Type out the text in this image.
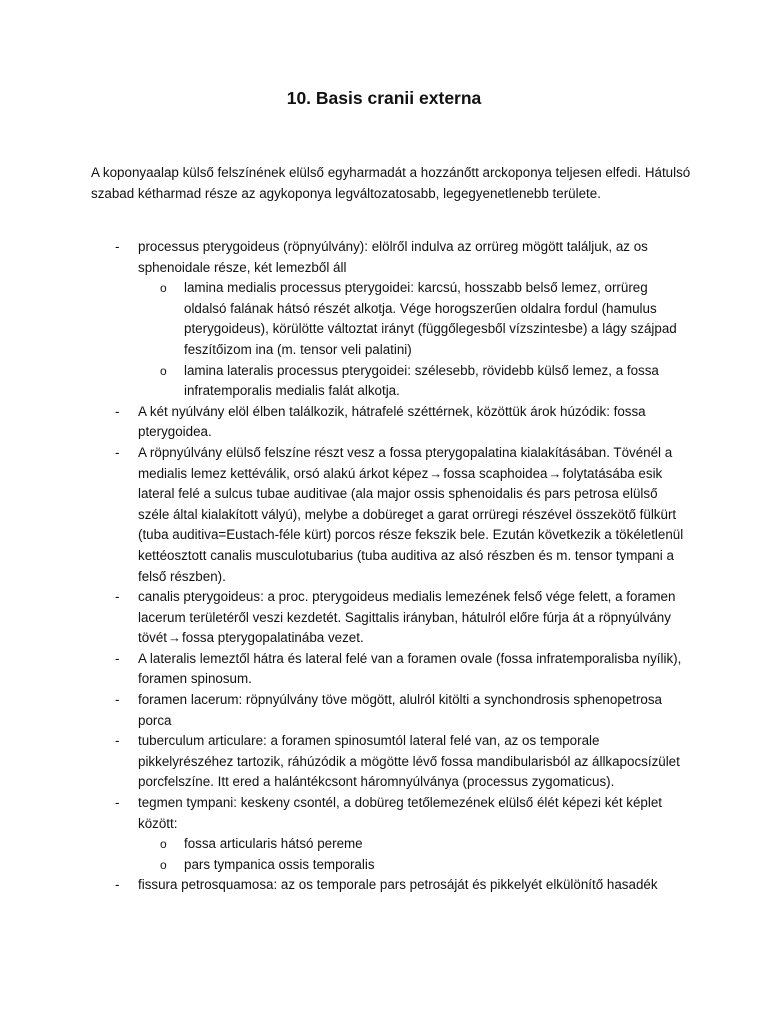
10. Basis cranii externa

A koponyaalap külső felszínének elülső egyharmadát a hozzánőtt arckoponya teljesen elfedi. Hátulsó szabad kétharmad része az agykoponya legváltozatosabb, legegyenetlenebb területe.

- processus pterygoideus (röpnyúlvány): elölről indulva az orrüreg mögött találjuk, az os sphenoidale része, két lemezből áll
o lamina medialis processus pterygoidei: karcsú, hosszabb belső lemez, orrüreg oldalsó falának hátsó részét alkotja. Vége horogszerűen oldalra fordul (hamulus pterygoideus), körülötte változtat irányt (függőlegesből vízszintesbe) a lágy szájpad feszítőizom ina (m. tensor veli palatini)
o lamina lateralis processus pterygoidei: szélesebb, rövidebb külső lemez, a fossa infratemporalis medialis falát alkotja.
- A két nyúlvány elöl élben találkozik, hátrafelé széttérnek, közöttük árok húzódik: fossa pterygoidea.
- A röpnyúlvány elülső felszíne részt vesz a fossa pterygopalatina kialakításában. Tövénél a medialis lemez kettéválik, orsó alakú árkot képez→fossa scaphoidea→folytatásába esik lateral felé a sulcus tubae auditivae (ala major ossis sphenoidalis és pars petrosa elülső széle által kialakított vályú), melybe a dobüreget a garat orrüregi részével összekötő fülkürt (tuba auditiva=Eustach-féle kürt) porcos része fekszik bele. Ezután következik a tökéletlenül kettéosztott canalis musculotubarius (tuba auditiva az alsó részben és m. tensor tympani a felső részben).
- canalis pterygoideus: a proc. pterygoideus medialis lemezének felső vége felett, a foramen lacerum területéről veszi kezdetét. Sagittalis irányban, hátulról előre fúrja át a röpnyúlvány tövét→fossa pterygopalatinába vezet.
- A lateralis lemeztől hátra és lateral felé van a foramen ovale (fossa infratemporalisba nyílik), foramen spinosum.
- foramen lacerum: röpnyúlvány töve mögött, alulról kitölti a synchondrosis sphenopetrosa porca
- tuberculum articulare: a foramen spinosumtól lateral felé van, az os temporale pikkelyrészéhez tartozik, ráhúzódik a mögötte lévő fossa mandibularisból az állkapocsízület porcfelszíne. Itt ered a halántékcsont háromnyúlványa (processus zygomaticus).
- tegmen tympani: keskeny csontél, a dobüreg tetőlemezének elülső élét képezi két képlet között:
o fossa articularis hátsó pereme
o pars tympanica ossis temporalis
- fissura petrosquamosa: az os temporale pars petrosáját és pikkelyét elkülönítő hasadék
